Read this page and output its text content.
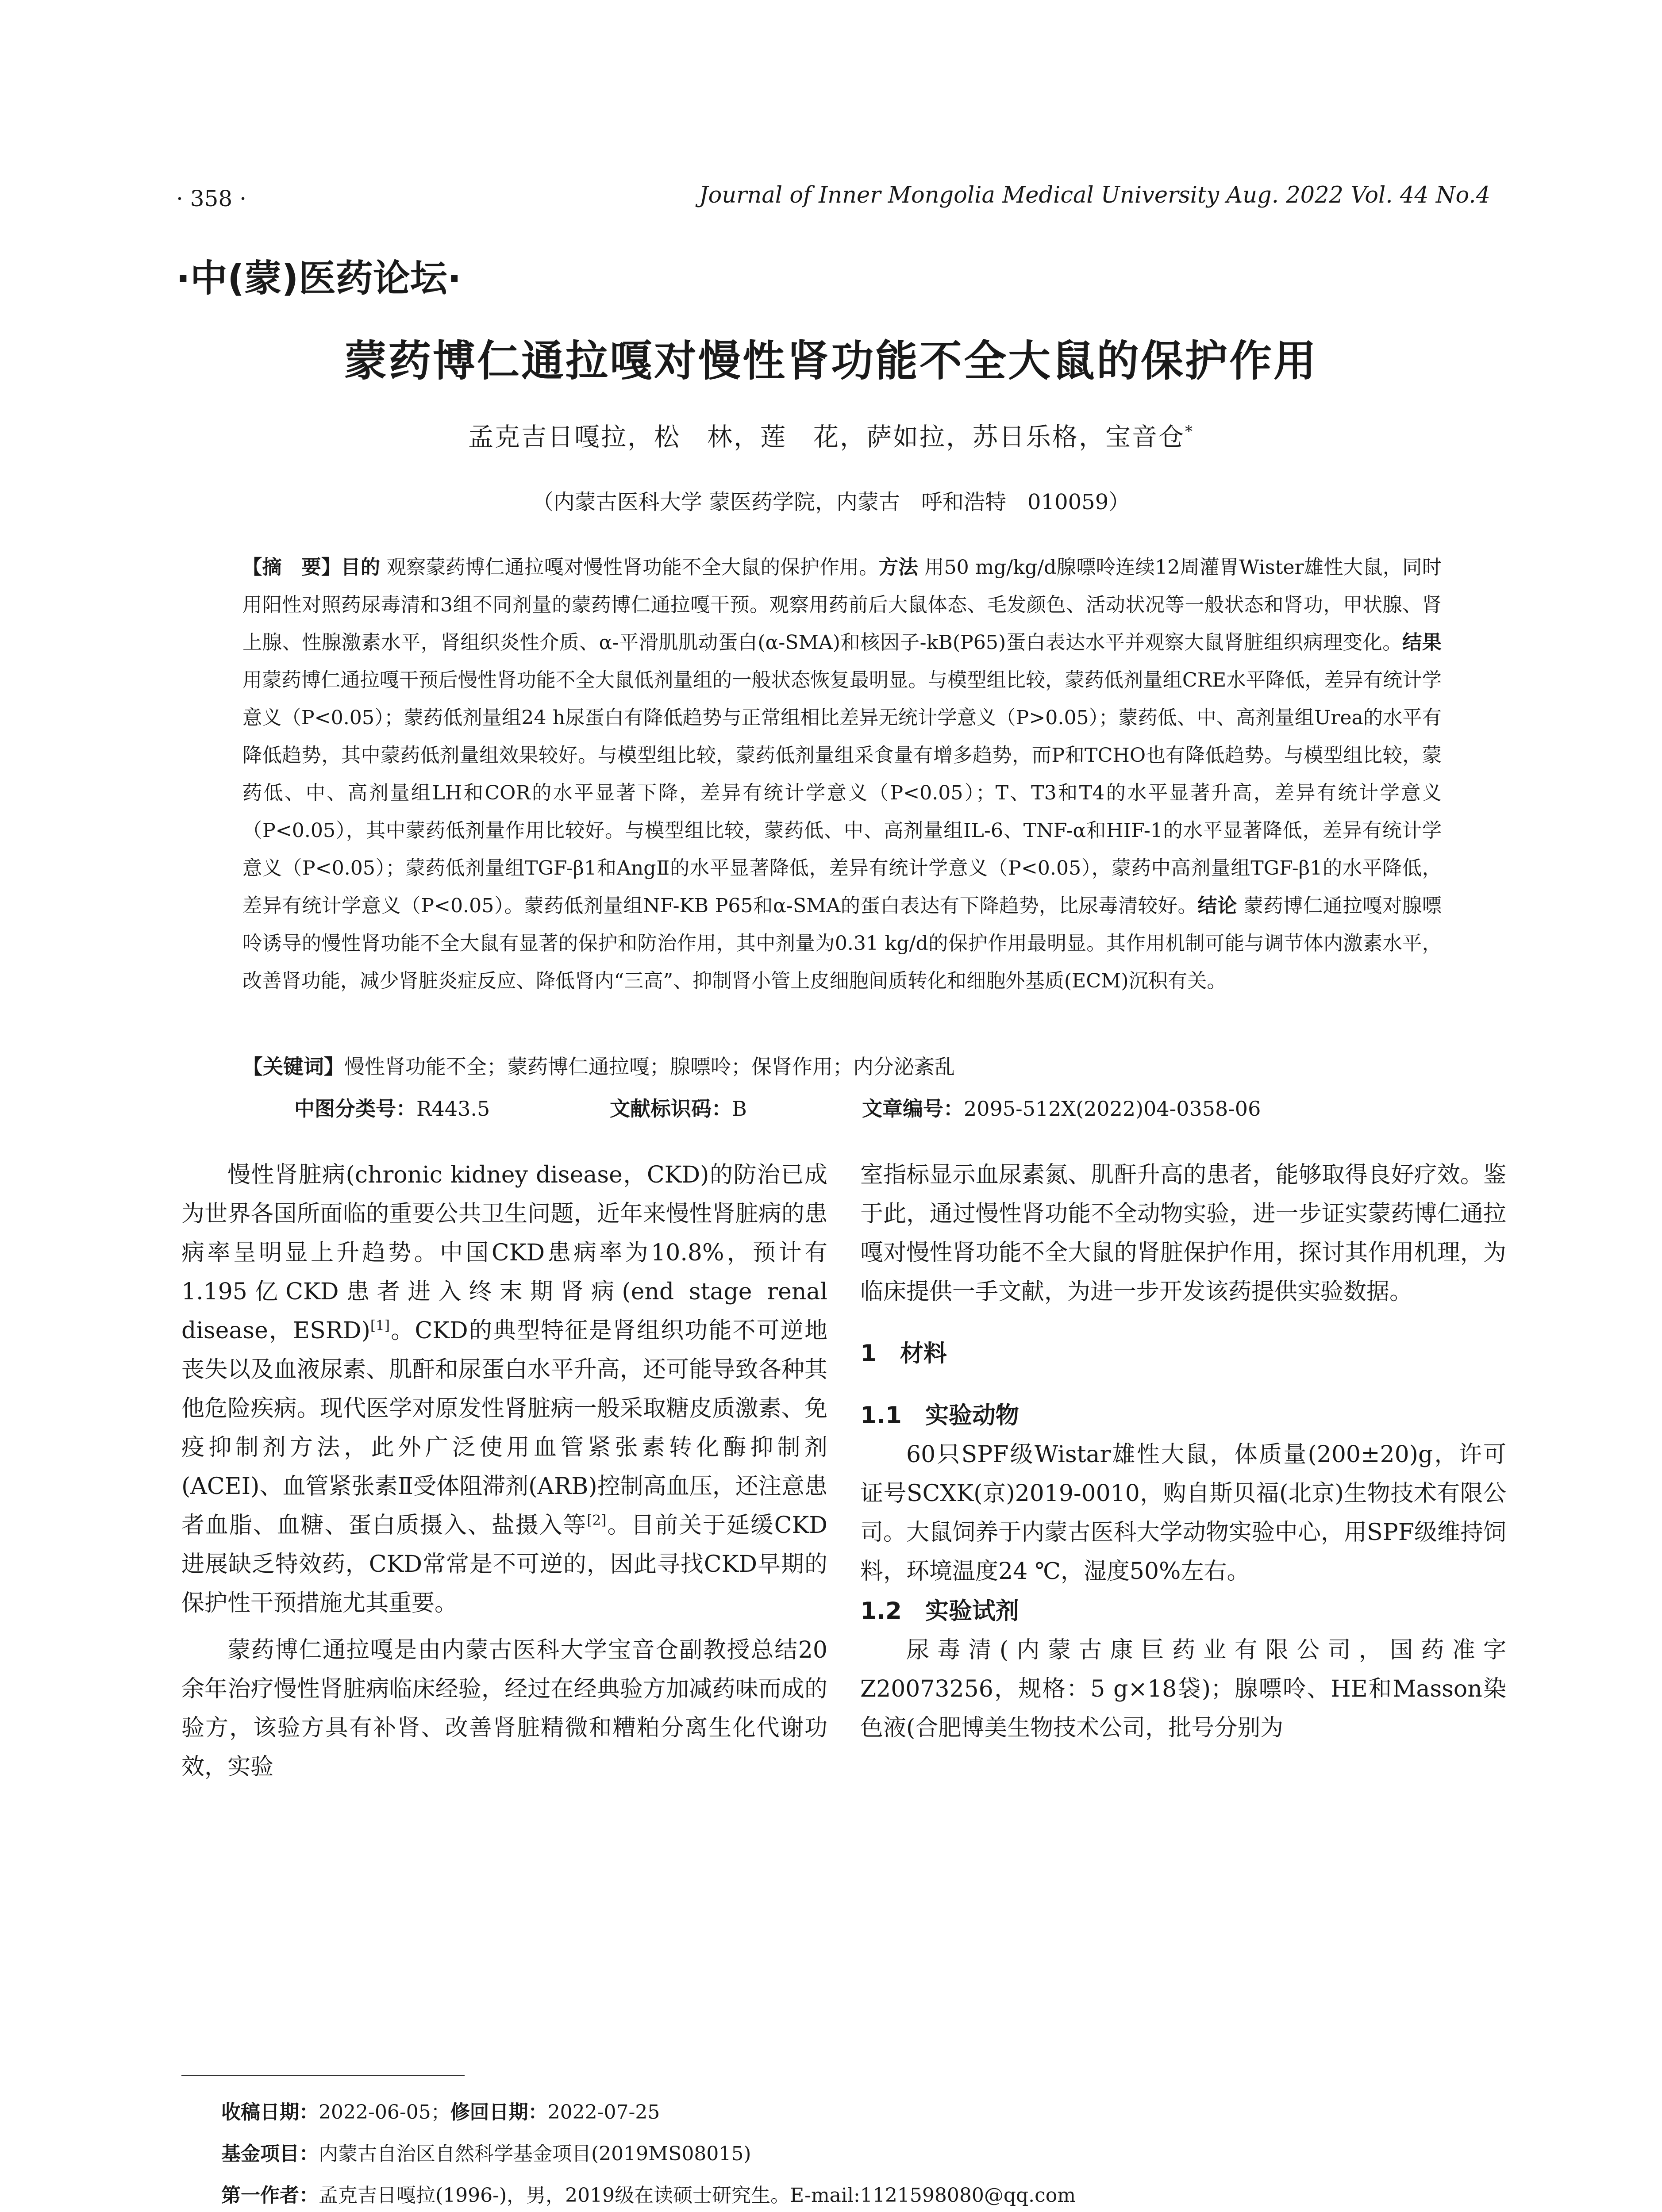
· 358 ·	Journal of Inner Mongolia Medical University Aug. 2022 Vol. 44 No.4
·中(蒙)医药论坛·
蒙药博仁通拉嘎对慢性肾功能不全大鼠的保护作用
孟克吉日嘎拉，松　林，莲　花，萨如拉，苏日乐格，宝音仓*
（内蒙古医科大学 蒙医药学院，内蒙古　呼和浩特　010059）
【摘　要】目的 观察蒙药博仁通拉嘎对慢性肾功能不全大鼠的保护作用。方法 用50 mg/kg/d腺嘌呤连续12周灌胃Wister雄性大鼠，同时用阳性对照药尿毒清和3组不同剂量的蒙药博仁通拉嘎干预。观察用药前后大鼠体态、毛发颜色、活动状况等一般状态和肾功，甲状腺、肾上腺、性腺激素水平，肾组织炎性介质、α-平滑肌肌动蛋白(α-SMA)和核因子-kB(P65)蛋白表达水平并观察大鼠肾脏组织病理变化。结果 用蒙药博仁通拉嘎干预后慢性肾功能不全大鼠低剂量组的一般状态恢复最明显。与模型组比较，蒙药低剂量组CRE水平降低，差异有统计学意义（P<0.05）；蒙药低剂量组24 h尿蛋白有降低趋势与正常组相比差异无统计学意义（P>0.05）；蒙药低、中、高剂量组Urea的水平有降低趋势，其中蒙药低剂量组效果较好。与模型组比较，蒙药低剂量组采食量有增多趋势，而P和TCHO也有降低趋势。与模型组比较，蒙药低、中、高剂量组LH和COR的水平显著下降，差异有统计学意义（P<0.05）；T、T3和T4的水平显著升高，差异有统计学意义（P<0.05），其中蒙药低剂量作用比较好。与模型组比较，蒙药低、中、高剂量组IL-6、TNF-α和HIF-1的水平显著降低，差异有统计学意义（P<0.05）；蒙药低剂量组TGF-β1和AngⅡ的水平显著降低，差异有统计学意义（P<0.05），蒙药中高剂量组TGF-β1的水平降低，差异有统计学意义（P<0.05）。蒙药低剂量组NF-KB P65和α-SMA的蛋白表达有下降趋势，比尿毒清较好。结论 蒙药博仁通拉嘎对腺嘌呤诱导的慢性肾功能不全大鼠有显著的保护和防治作用，其中剂量为0.31 kg/d的保护作用最明显。其作用机制可能与调节体内激素水平，改善肾功能，减少肾脏炎症反应、降低肾内“三高”、抑制肾小管上皮细胞间质转化和细胞外基质(ECM)沉积有关。
【关键词】慢性肾功能不全；蒙药博仁通拉嘎；腺嘌呤；保肾作用；内分泌紊乱
中图分类号：R443.5	文献标识码：B	文章编号：2095-512X(2022)04-0358-06

慢性肾脏病(chronic kidney disease，CKD)的防治已成为世界各国所面临的重要公共卫生问题，近年来慢性肾脏病的患病率呈明显上升趋势。中国CKD患病率为10.8%，预计有1.195亿CKD患者进入终末期肾病(end stage renal disease，ESRD)[1]。CKD的典型特征是肾组织功能不可逆地丧失以及血液尿素、肌酐和尿蛋白水平升高，还可能导致各种其他危险疾病。现代医学对原发性肾脏病一般采取糖皮质激素、免疫抑制剂方法，此外广泛使用血管紧张素转化酶抑制剂(ACEI)、血管紧张素Ⅱ受体阻滞剂(ARB)控制高血压，还注意患者血脂、血糖、蛋白质摄入、盐摄入等[2]。目前关于延缓CKD进展缺乏特效药，CKD常常是不可逆的，因此寻找CKD早期的保护性干预措施尤其重要。

蒙药博仁通拉嘎是由内蒙古医科大学宝音仓副教授总结20余年治疗慢性肾脏病临床经验，经过在经典验方加减药味而成的验方，该验方具有补肾、改善肾脏精微和糟粕分离生化代谢功效，实验

室指标显示血尿素氮、肌酐升高的患者，能够取得良好疗效。鉴于此，通过慢性肾功能不全动物实验，进一步证实蒙药博仁通拉嘎对慢性肾功能不全大鼠的肾脏保护作用，探讨其作用机理，为临床提供一手文献，为进一步开发该药提供实验数据。

1　材料
1.1　实验动物

60只SPF级Wistar雄性大鼠，体质量(200±20)g，许可证号SCXK(京)2019-0010，购自斯贝福(北京)生物技术有限公司。大鼠饲养于内蒙古医科大学动物实验中心，用SPF级维持饲料，环境温度24 ℃，湿度50%左右。

1.2　实验试剂

尿毒清(内蒙古康巨药业有限公司，国药准字Z20073256，规格：5 g×18袋)；腺嘌呤、HE和Masson染色液(合肥博美生物技术公司，批号分别为

收稿日期：2022-06-05；修回日期：2022-07-25
基金项目：内蒙古自治区自然科学基金项目(2019MS08015)
第一作者：孟克吉日嘎拉(1996-)，男，2019级在读硕士研究生。E-mail:1121598080@qq.com
